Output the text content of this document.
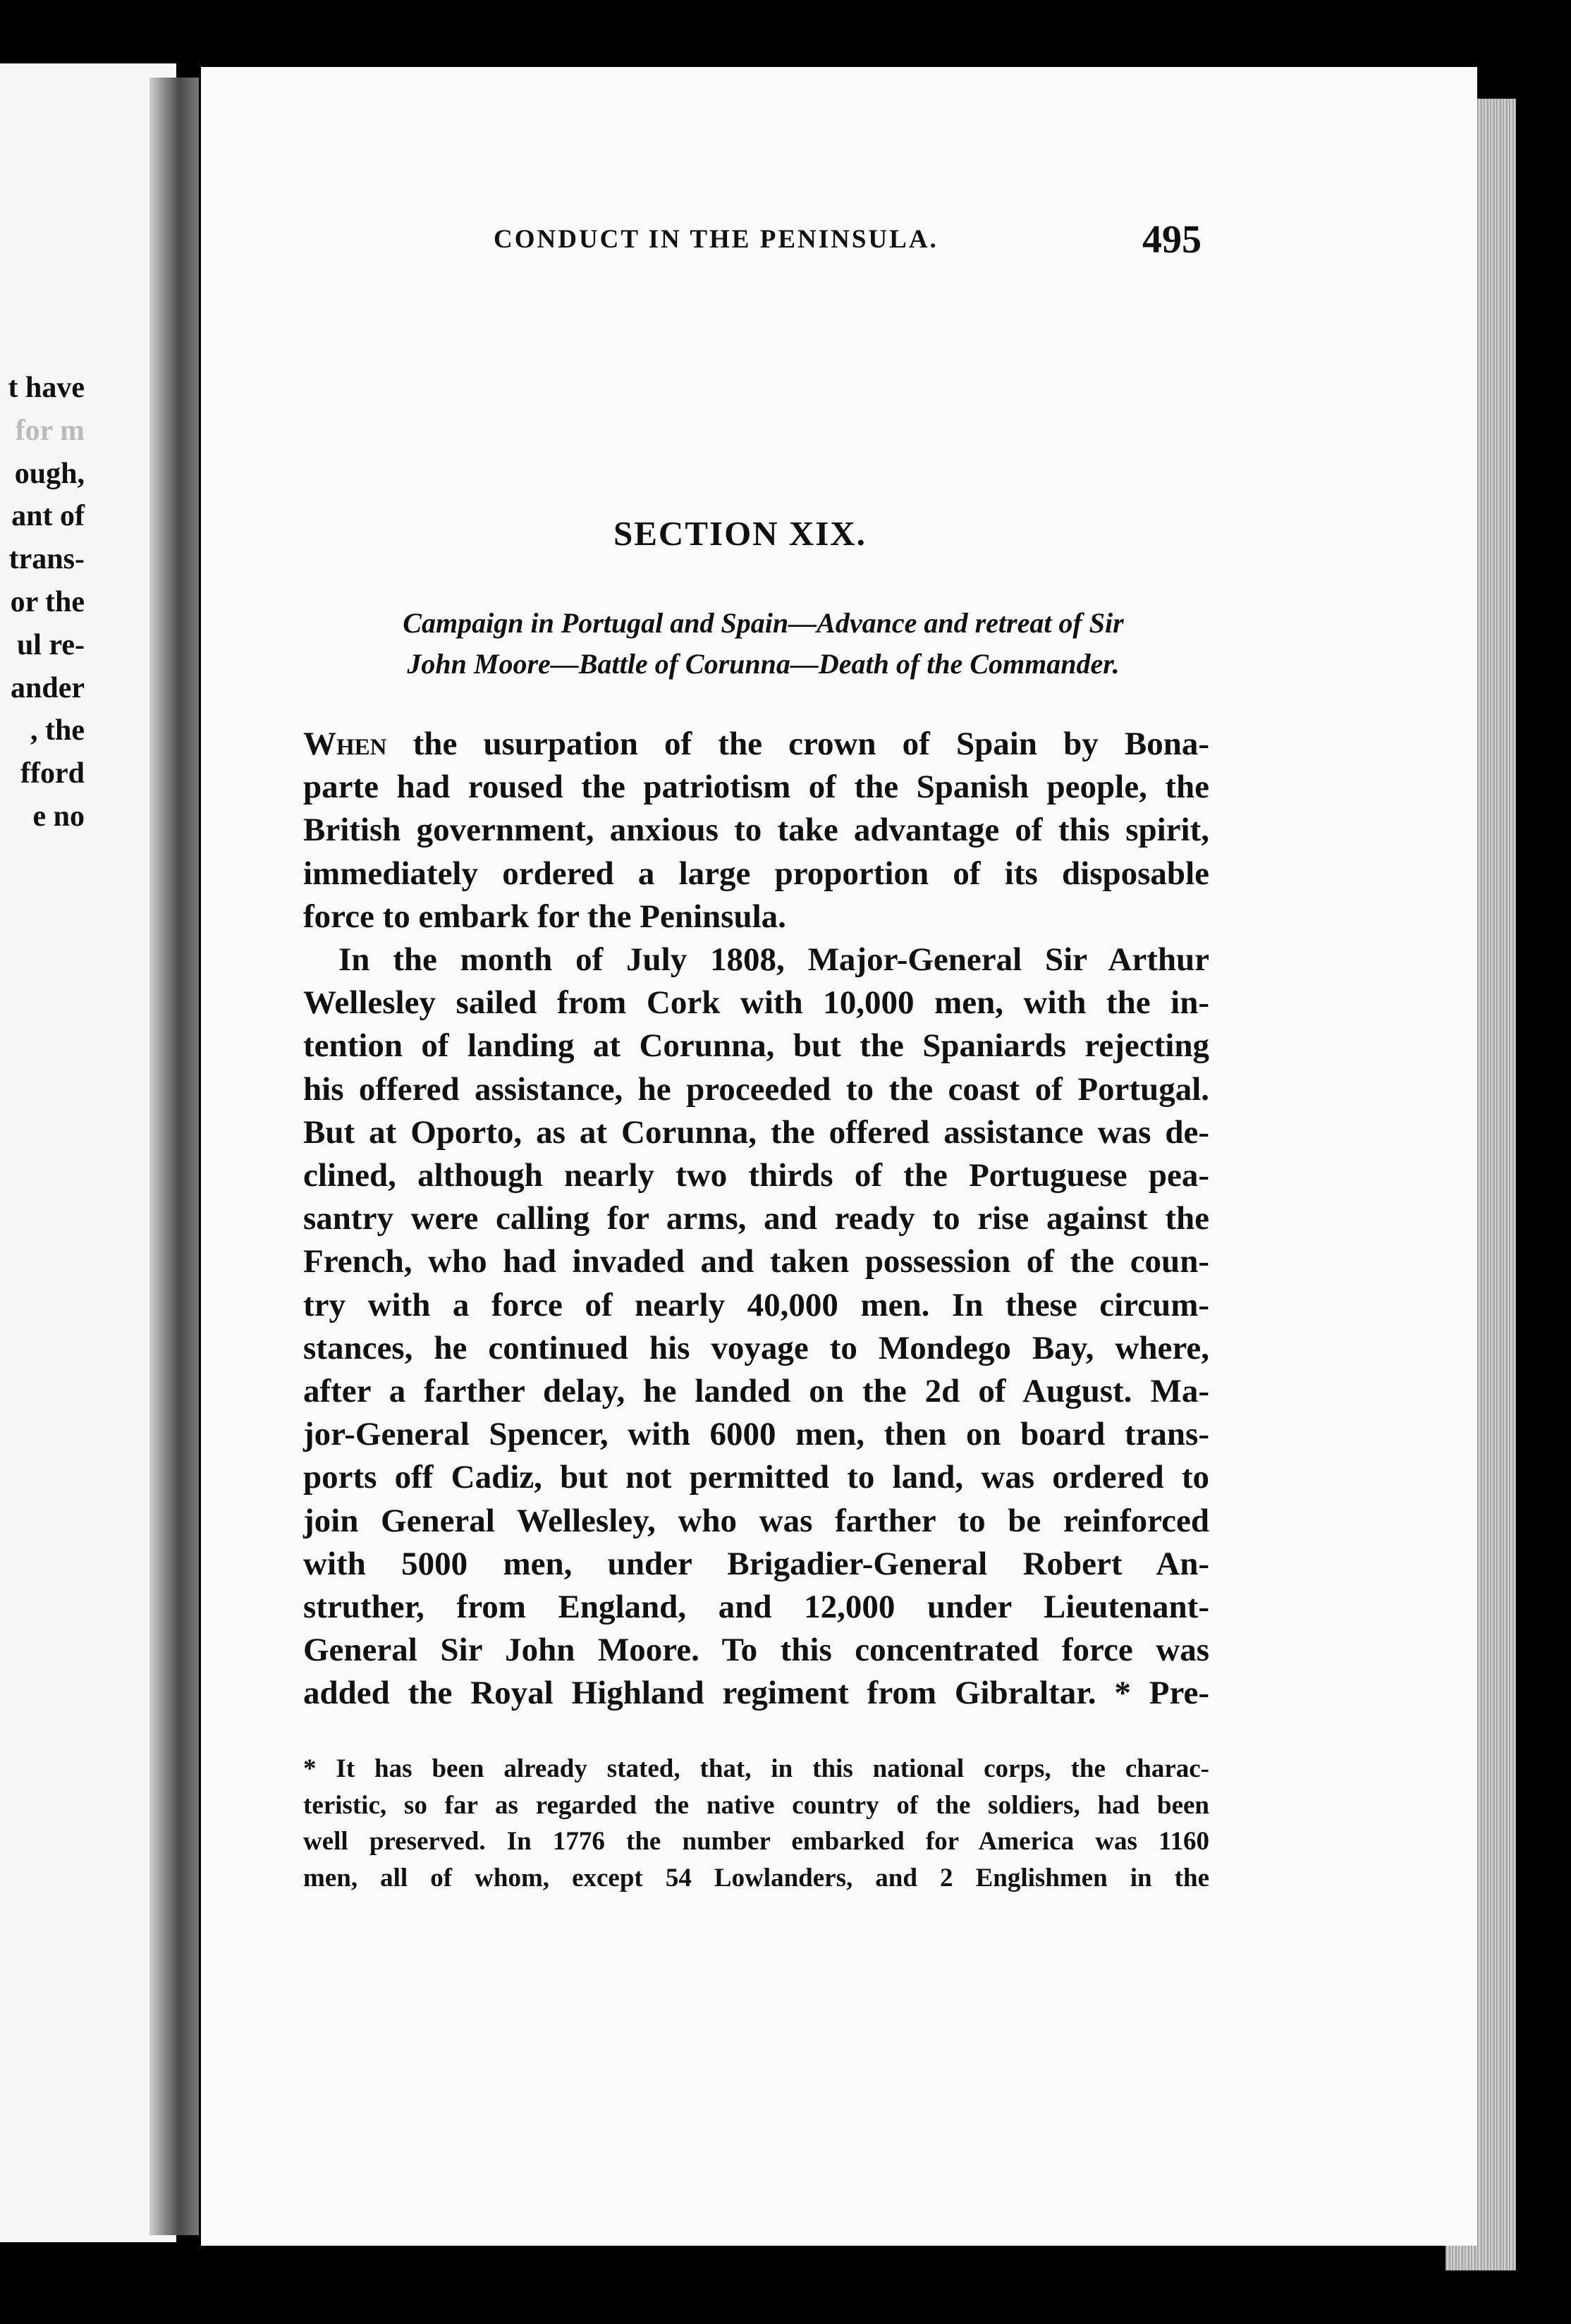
t have
for m
ough,
ant of
trans-
or the
ul re-
ander
, the
fford
e no
CONDUCT IN THE PENINSULA.	495
SECTION XIX.
Campaign in Portugal and Spain—Advance and retreat of Sir
John Moore—Battle of Corunna—Death of the Commander.
When the usurpation of the crown of Spain by Bona-
parte had roused the patriotism of the Spanish people, the
British government, anxious to take advantage of this spirit,
immediately ordered a large proportion of its disposable
force to embark for the Peninsula.
In the month of July 1808, Major-General Sir Arthur
Wellesley sailed from Cork with 10,000 men, with the in-
tention of landing at Corunna, but the Spaniards rejecting
his offered assistance, he proceeded to the coast of Portugal.
But at Oporto, as at Corunna, the offered assistance was de-
clined, although nearly two thirds of the Portuguese pea-
santry were calling for arms, and ready to rise against the
French, who had invaded and taken possession of the coun-
try with a force of nearly 40,000 men. In these circum-
stances, he continued his voyage to Mondego Bay, where,
after a farther delay, he landed on the 2d of August. Ma-
jor-General Spencer, with 6000 men, then on board trans-
ports off Cadiz, but not permitted to land, was ordered to
join General Wellesley, who was farther to be reinforced
with 5000 men, under Brigadier-General Robert An-
struther, from England, and 12,000 under Lieutenant-
General Sir John Moore. To this concentrated force was
added the Royal Highland regiment from Gibraltar. * Pre-
* It has been already stated, that, in this national corps, the charac-
teristic, so far as regarded the native country of the soldiers, had been
well preserved. In 1776 the number embarked for America was 1160
men, all of whom, except 54 Lowlanders, and 2 Englishmen in the
